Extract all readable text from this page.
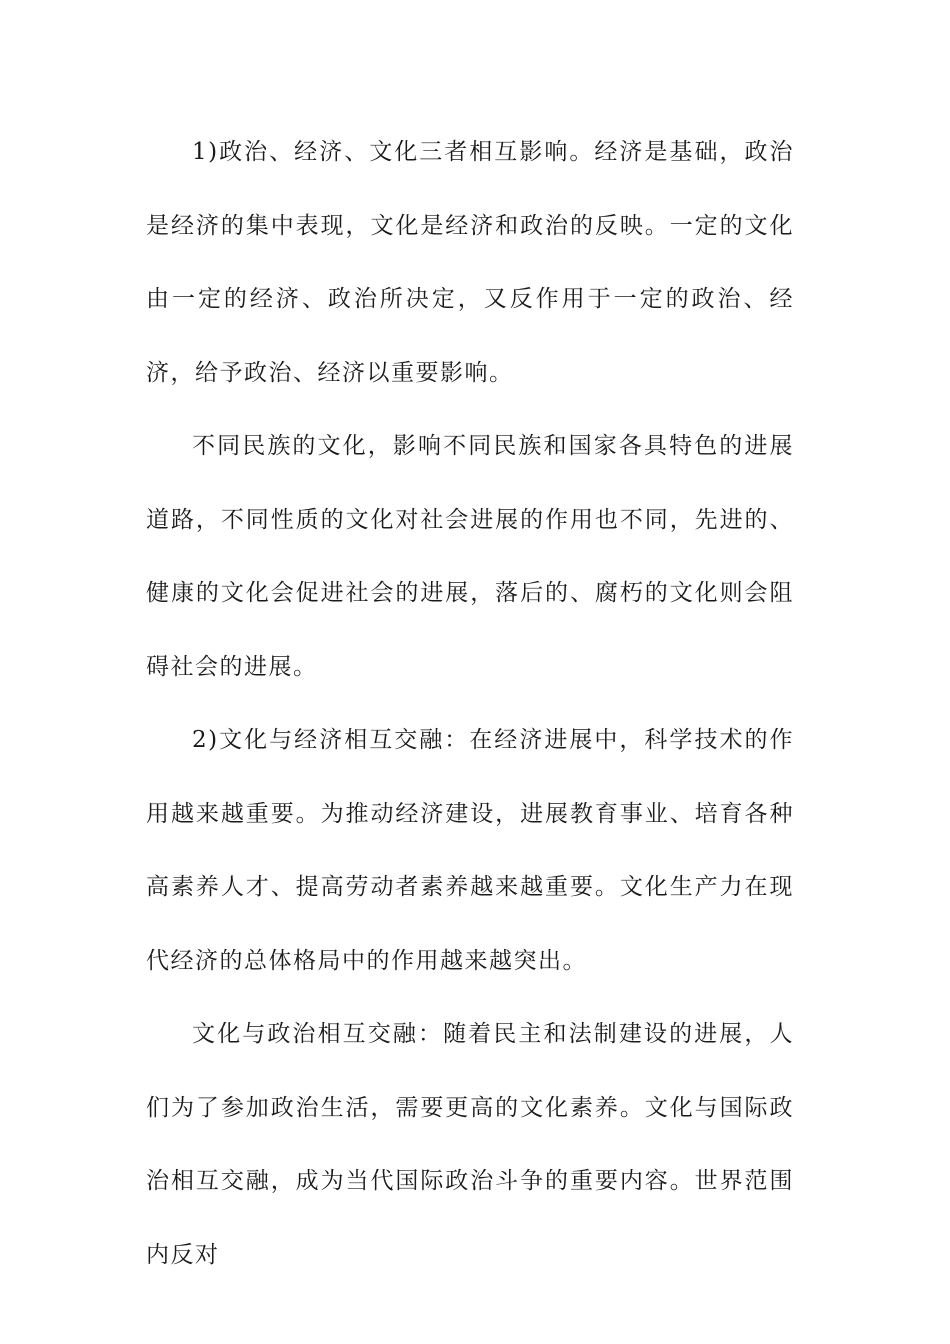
1)政治、经济、文化三者相互影响。经济是基础，政治是经济的集中表现，文化是经济和政治的反映。一定的文化由一定的经济、政治所决定，又反作用于一定的政治、经济，给予政治、经济以重要影响。

不同民族的文化，影响不同民族和国家各具特色的进展道路，不同性质的文化对社会进展的作用也不同，先进的、健康的文化会促进社会的进展，落后的、腐朽的文化则会阻碍社会的进展。

2)文化与经济相互交融：在经济进展中，科学技术的作用越来越重要。为推动经济建设，进展教育事业、培育各种高素养人才、提高劳动者素养越来越重要。文化生产力在现代经济的总体格局中的作用越来越突出。

文化与政治相互交融：随着民主和法制建设的进展，人们为了参加政治生活，需要更高的文化素养。文化与国际政治相互交融，成为当代国际政治斗争的重要内容。世界范围内反对
